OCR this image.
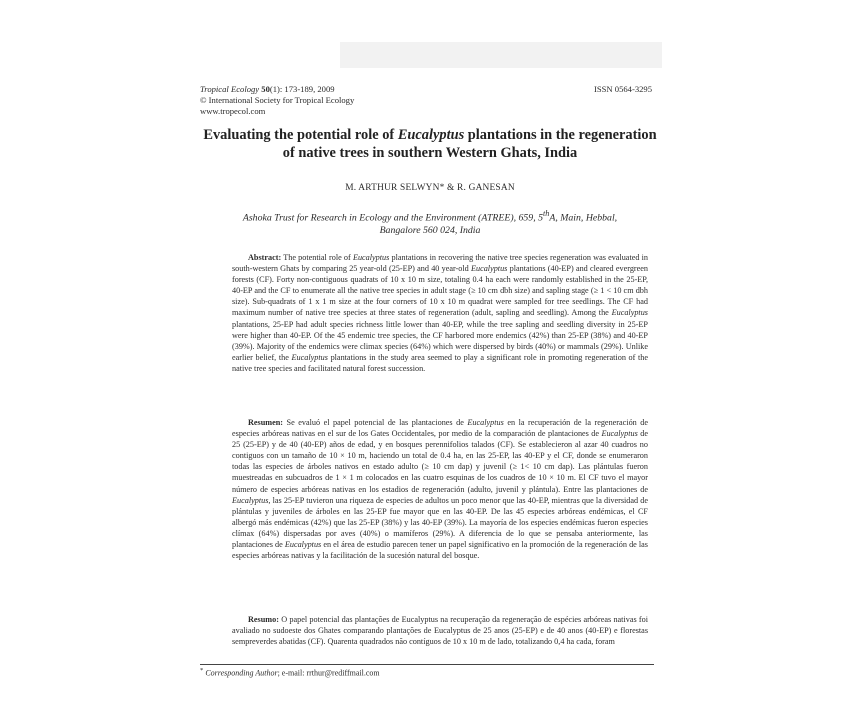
Tropical Ecology 50(1): 173-189, 2009
© International Society for Tropical Ecology
www.tropecol.com
ISSN 0564-3295
Evaluating the potential role of Eucalyptus plantations in the regeneration of native trees in southern Western Ghats, India
M. ARTHUR SELWYN* & R. GANESAN
Ashoka Trust for Research in Ecology and the Environment (ATREE), 659, 5thA, Main, Hebbal,
Bangalore 560 024, India
Abstract: The potential role of Eucalyptus plantations in recovering the native tree species regeneration was evaluated in south-western Ghats by comparing 25 year-old (25-EP) and 40 year-old Eucalyptus plantations (40-EP) and cleared evergreen forests (CF). Forty non-contiguous quadrats of 10 x 10 m size, totaling 0.4 ha each were randomly established in the 25-EP, 40-EP and the CF to enumerate all the native tree species in adult stage (≥ 10 cm dbh size) and sapling stage (≥ 1 < 10 cm dbh size). Sub-quadrats of 1 x 1 m size at the four corners of 10 x 10 m quadrat were sampled for tree seedlings. The CF had maximum number of native tree species at three states of regeneration (adult, sapling and seedling). Among the Eucalyptus plantations, 25-EP had adult species richness little lower than 40-EP, while the tree sapling and seedling diversity in 25-EP were higher than 40-EP. Of the 45 endemic tree species, the CF harbored more endemics (42%) than 25-EP (38%) and 40-EP (39%). Majority of the endemics were climax species (64%) which were dispersed by birds (40%) or mammals (29%). Unlike earlier belief, the Eucalyptus plantations in the study area seemed to play a significant role in promoting regeneration of the native tree species and facilitated natural forest succession.
Resumen: Se evaluó el papel potencial de las plantaciones de Eucalyptus en la recuperación de la regeneración de especies arbóreas nativas en el sur de los Gates Occidentales, por medio de la comparación de plantaciones de Eucalyptus de 25 (25-EP) y de 40 (40-EP) años de edad, y en bosques perennifolios talados (CF). Se establecieron al azar 40 cuadros no contiguos con un tamaño de 10 × 10 m, haciendo un total de 0.4 ha, en las 25-EP, las 40-EP y el CF, donde se enumeraron todas las especies de árboles nativos en estado adulto (≥ 10 cm dap) y juvenil (≥ 1< 10 cm dap). Las plántulas fueron muestreadas en subcuadros de 1 × 1 m colocados en las cuatro esquinas de los cuadros de 10 × 10 m. El CF tuvo el mayor número de especies arbóreas nativas en los estadios de regeneración (adulto, juvenil y plántula). Entre las plantaciones de Eucalyptus, las 25-EP tuvieron una riqueza de especies de adultos un poco menor que las 40-EP, mientras que la diversidad de plántulas y juveniles de árboles en las 25-EP fue mayor que en las 40-EP. De las 45 especies arbóreas endémicas, el CF albergó más endémicas (42%) que las 25-EP (38%) y las 40-EP (39%). La mayoría de los especies endémicas fueron especies clímax (64%) dispersadas por aves (40%) o mamíferos (29%). A diferencia de lo que se pensaba anteriormente, las plantaciones de Eucalyptus en el área de estudio parecen tener un papel significativo en la promoción de la regeneración de las especies arbóreas nativas y la facilitación de la sucesión natural del bosque.
Resumo: O papel potencial das plantações de Eucalyptus na recuperação da regeneração de espécies arbóreas nativas foi avaliado no sudoeste dos Ghates comparando plantações de Eucalyptus de 25 anos (25-EP) e de 40 anos (40-EP) e florestas sempreverdes abatidas (CF). Quarenta quadrados não contíguos de 10 x 10 m de lado, totalizando 0,4 ha cada, foram
* Corresponding Author; e-mail: rrthur@rediffmail.com
